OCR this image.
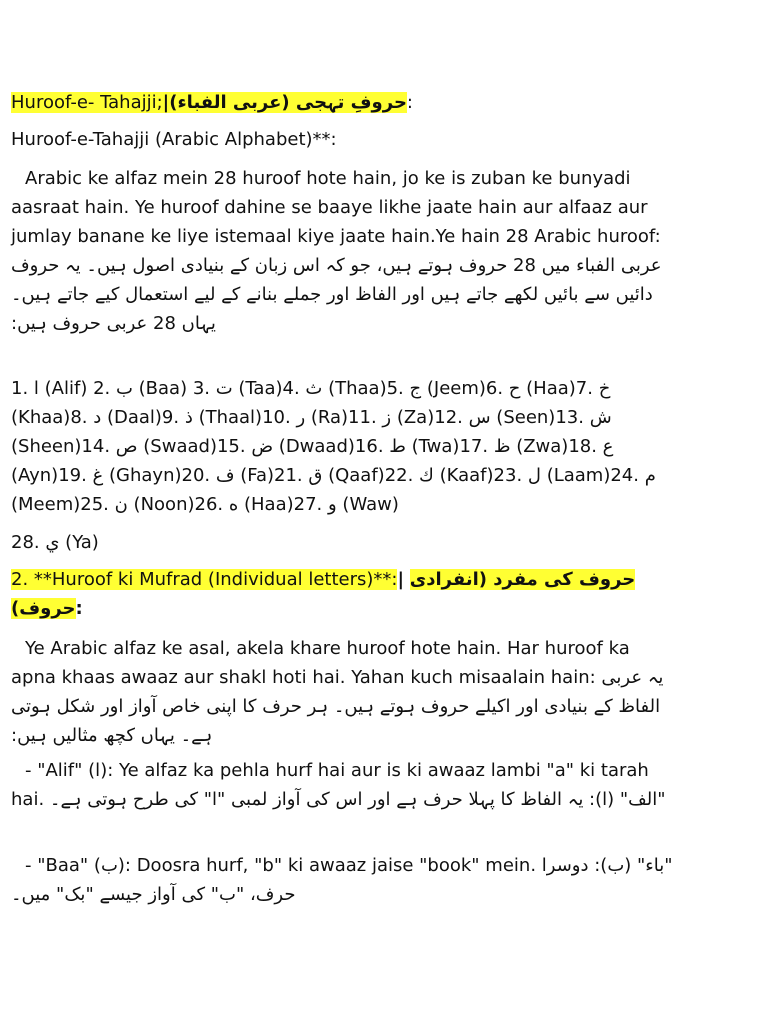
Huroof-e- Tahajji;|حروفِ تہجی (عربی الفباء):

Huroof-e-Tahajji (Arabic Alphabet)**:

Arabic ke alfaz mein 28 huroof hote hain, jo ke is zuban ke bunyadi aasraat hain. Ye huroof dahine se baaye likhe jaate hain aur alfaaz aur jumlay banane ke liye istemaal kiye jaate hain.Ye hain 28 Arabic huroof: عربی الفباء میں 28 حروف ہوتے ہیں، جو کہ اس زبان کے بنیادی اصول ہیں۔ یہ حروف دائیں سے بائیں لکھے جاتے ہیں اور الفاظ اور جملے بنانے کے لیے استعمال کیے جاتے ہیں۔ یہاں 28 عربی حروف ہیں:

1. ا (Alif) 2. ب (Baa) 3. ت (Taa)4. ث (Thaa)5. ج (Jeem)6. ح (Haa)7. خ (Khaa)8. د (Daal)9. ذ (Thaal)10. ر (Ra)11. ز (Za)12. س (Seen)13. ش (Sheen)14. ص (Swaad)15. ض (Dwaad)16. ط (Twa)17. ظ (Zwa)18. ع (Ayn)19. غ (Ghayn)20. ف (Fa)21. ق (Qaaf)22. ك (Kaaf)23. ل (Laam)24. م (Meem)25. ن (Noon)26. ه (Haa)27. و (Waw)

28. ي (Ya)

2. **Huroof ki Mufrad (Individual letters)**:| حروف کی مفرد (انفرادی حروف):

Ye Arabic alfaz ke asal, akela khare huroof hote hain. Har huroof ka apna khaas awaaz aur shakl hoti hai. Yahan kuch misaalain hain: یہ عربی الفاظ کے بنیادی اور اکیلے حروف ہوتے ہیں۔ ہر حرف کا اپنی خاص آواز اور شکل ہوتی ہے۔ یہاں کچھ مثالیں ہیں:

- "Alif" (ا): Ye alfaz ka pehla hurf hai aur is ki awaaz lambi "a" ki tarah hai. "الف" (ا): یہ الفاظ کا پہلا حرف ہے اور اس کی آواز لمبی "ا" کی طرح ہوتی ہے۔

- "Baa" (ب): Doosra hurf, "b" ki awaaz jaise "book" mein. "باء" (ب): دوسرا حرف، "ب" کی آواز جیسے "بک" میں۔
